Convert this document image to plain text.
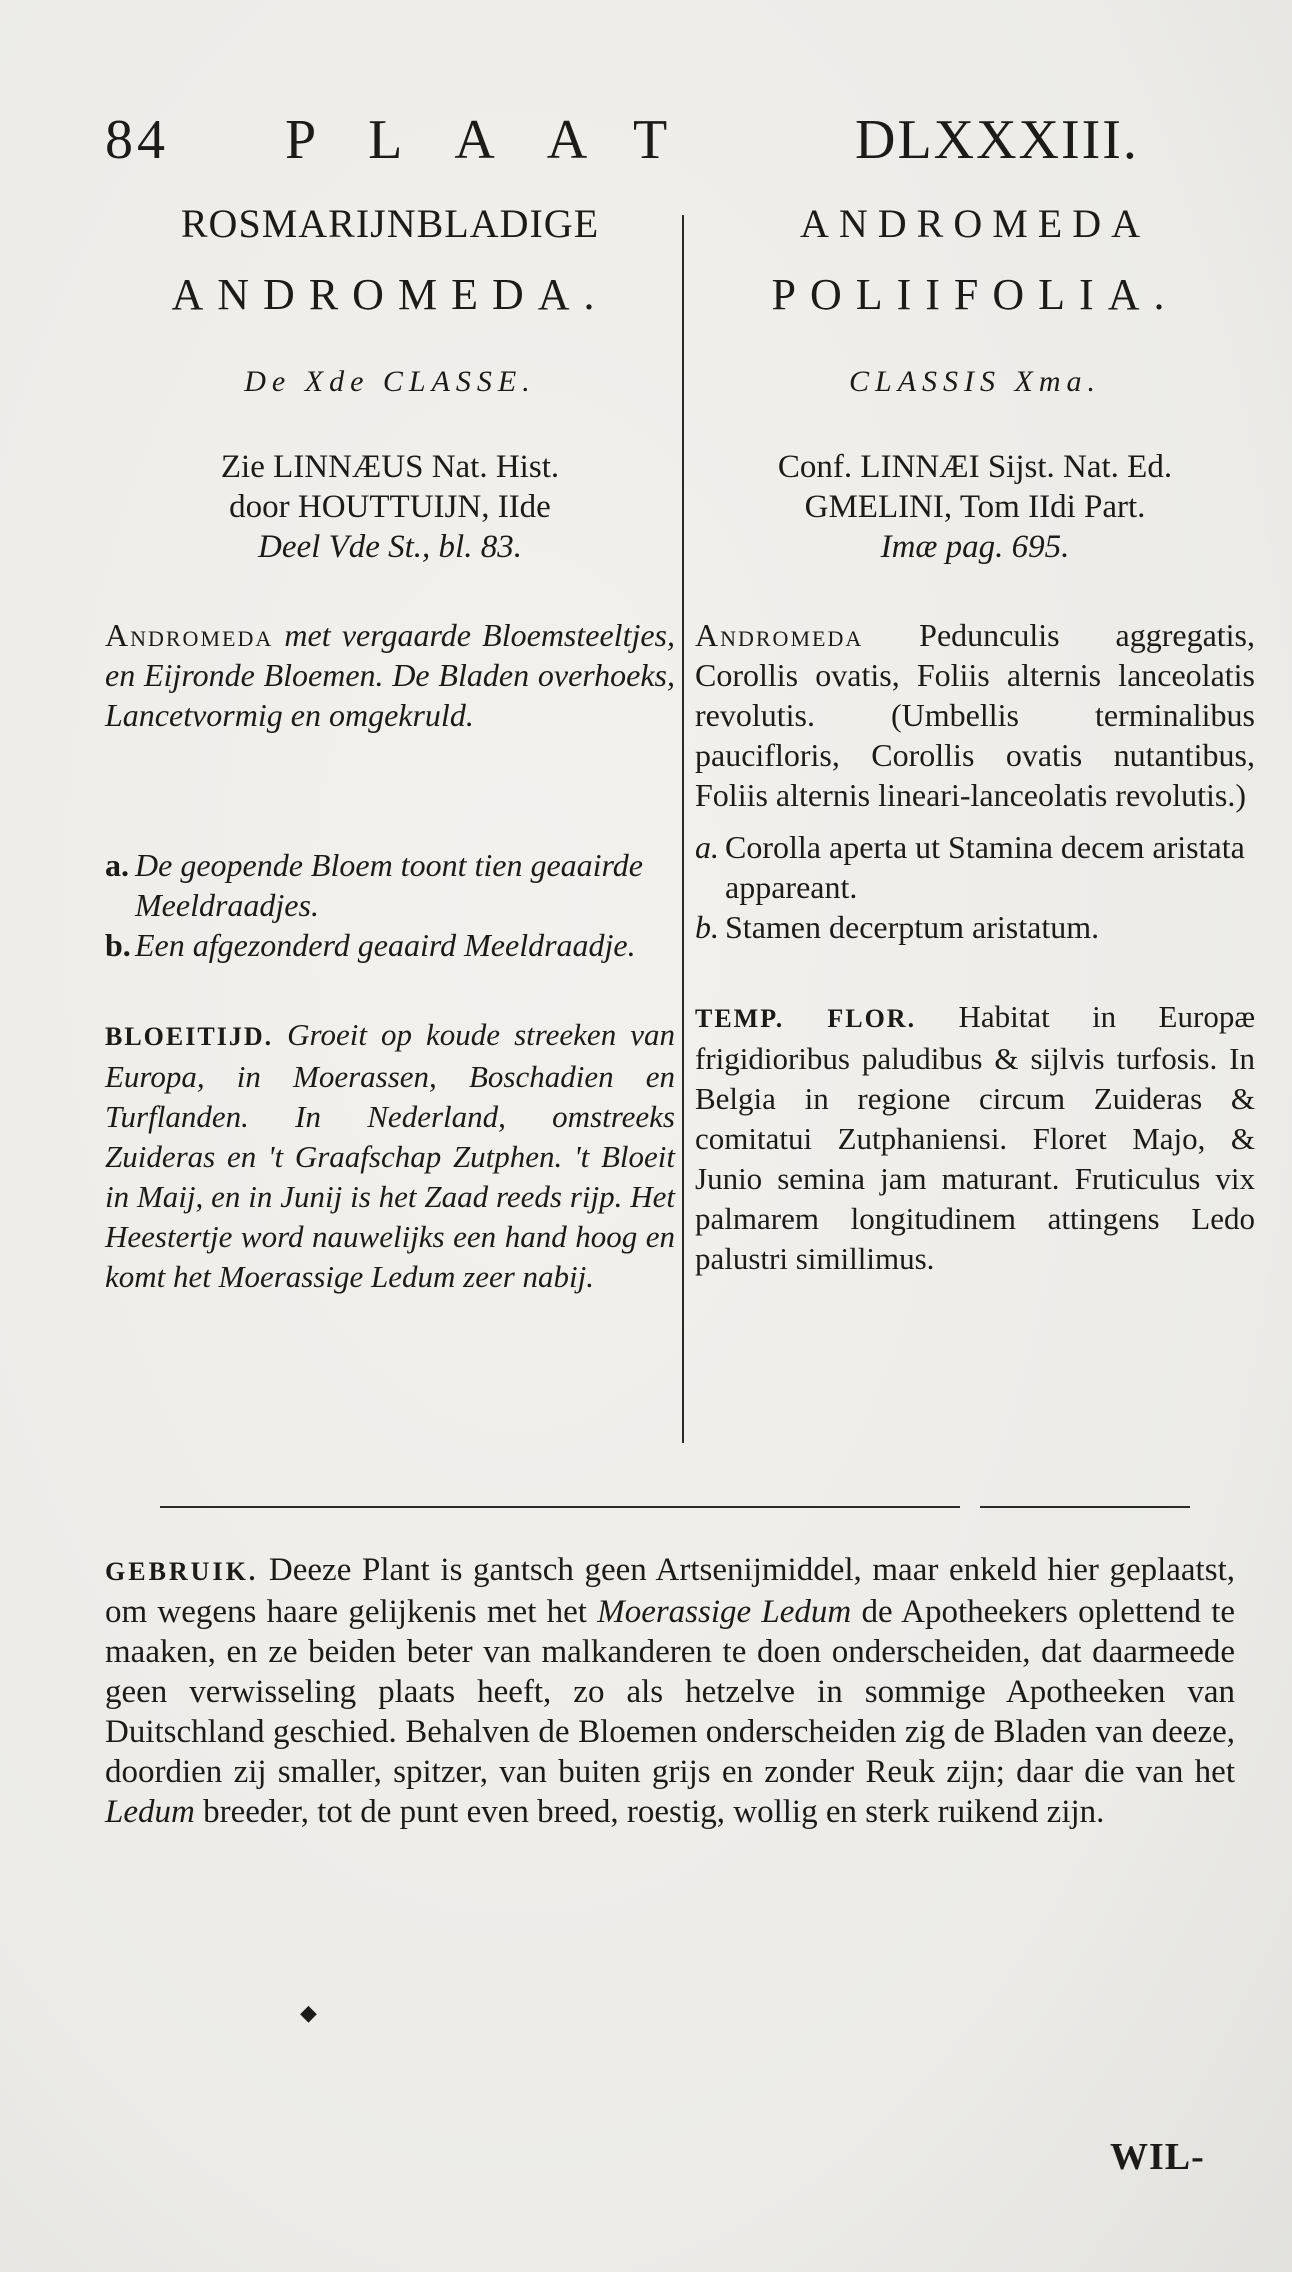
84 PLAAT DLXXXIII.
ROSMARIJNBLADIGE
ANDROMEDA.
De Xde CLASSE.
Zie LINNÆUS Nat. Hist.
door HOUTTUIJN, IIde
Deel Vde St., bl. 83.
Andromeda met vergaarde Bloemsteeltjes, en Eijronde Bloemen. De Bladen overhoeks, Lancetvormig en omgekruld.
a. De geopende Bloem toont tien geaairde Meeldraadjes.
b. Een afgezonderd geaaird Meeldraadje.
BLOEITIJD. Groeit op koude streeken van Europa, in Moerassen, Boschadien en Turflanden. In Nederland, omstreeks Zuideras en 't Graafschap Zutphen. 't Bloeit in Maij, en in Junij is het Zaad reeds rijp. Het Heestertje word nauwelijks een hand hoog en komt het Moerassige Ledum zeer nabij.
ANDROMEDA
POLIIFOLIA.
CLASSIS Xma.
Conf. LINNÆI Sijst. Nat. Ed.
GMELINI, Tom IIdi Part.
Imæ pag. 695.
Andromeda Pedunculis aggregatis, Corollis ovatis, Foliis alternis lanceolatis revolutis. (Umbellis terminalibus paucifloris, Corollis ovatis nutantibus, Foliis alternis lineari-lanceolatis revolutis.)
a. Corolla aperta ut Stamina decem aristata appareant.
b. Stamen decerptum aristatum.
TEMP. FLOR. Habitat in Europæ frigidioribus paludibus & sijlvis turfosis. In Belgia in regione circum Zuideras & comitatui Zutphaniensi. Floret Majo, & Junio semina jam maturant. Fruticulus vix palmarem longitudinem attingens Ledo palustri simillimus.
GEBRUIK. Deeze Plant is gantsch geen Artsenijmiddel, maar enkeld hier geplaatst, om wegens haare gelijkenis met het Moerassige Ledum de Apotheekers oplettend te maaken, en ze beiden beter van malkanderen te doen onderscheiden, dat daarmeede geen verwisseling plaats heeft, zo als hetzelve in sommige Apotheeken van Duitschland geschied. Behalven de Bloemen onderscheiden zig de Bladen van deeze, doordien zij smaller, spitzer, van buiten grijs en zonder Reuk zijn; daar die van het Ledum breeder, tot de punt even breed, roestig, wollig en sterk ruikend zijn.
◆
WIL-
